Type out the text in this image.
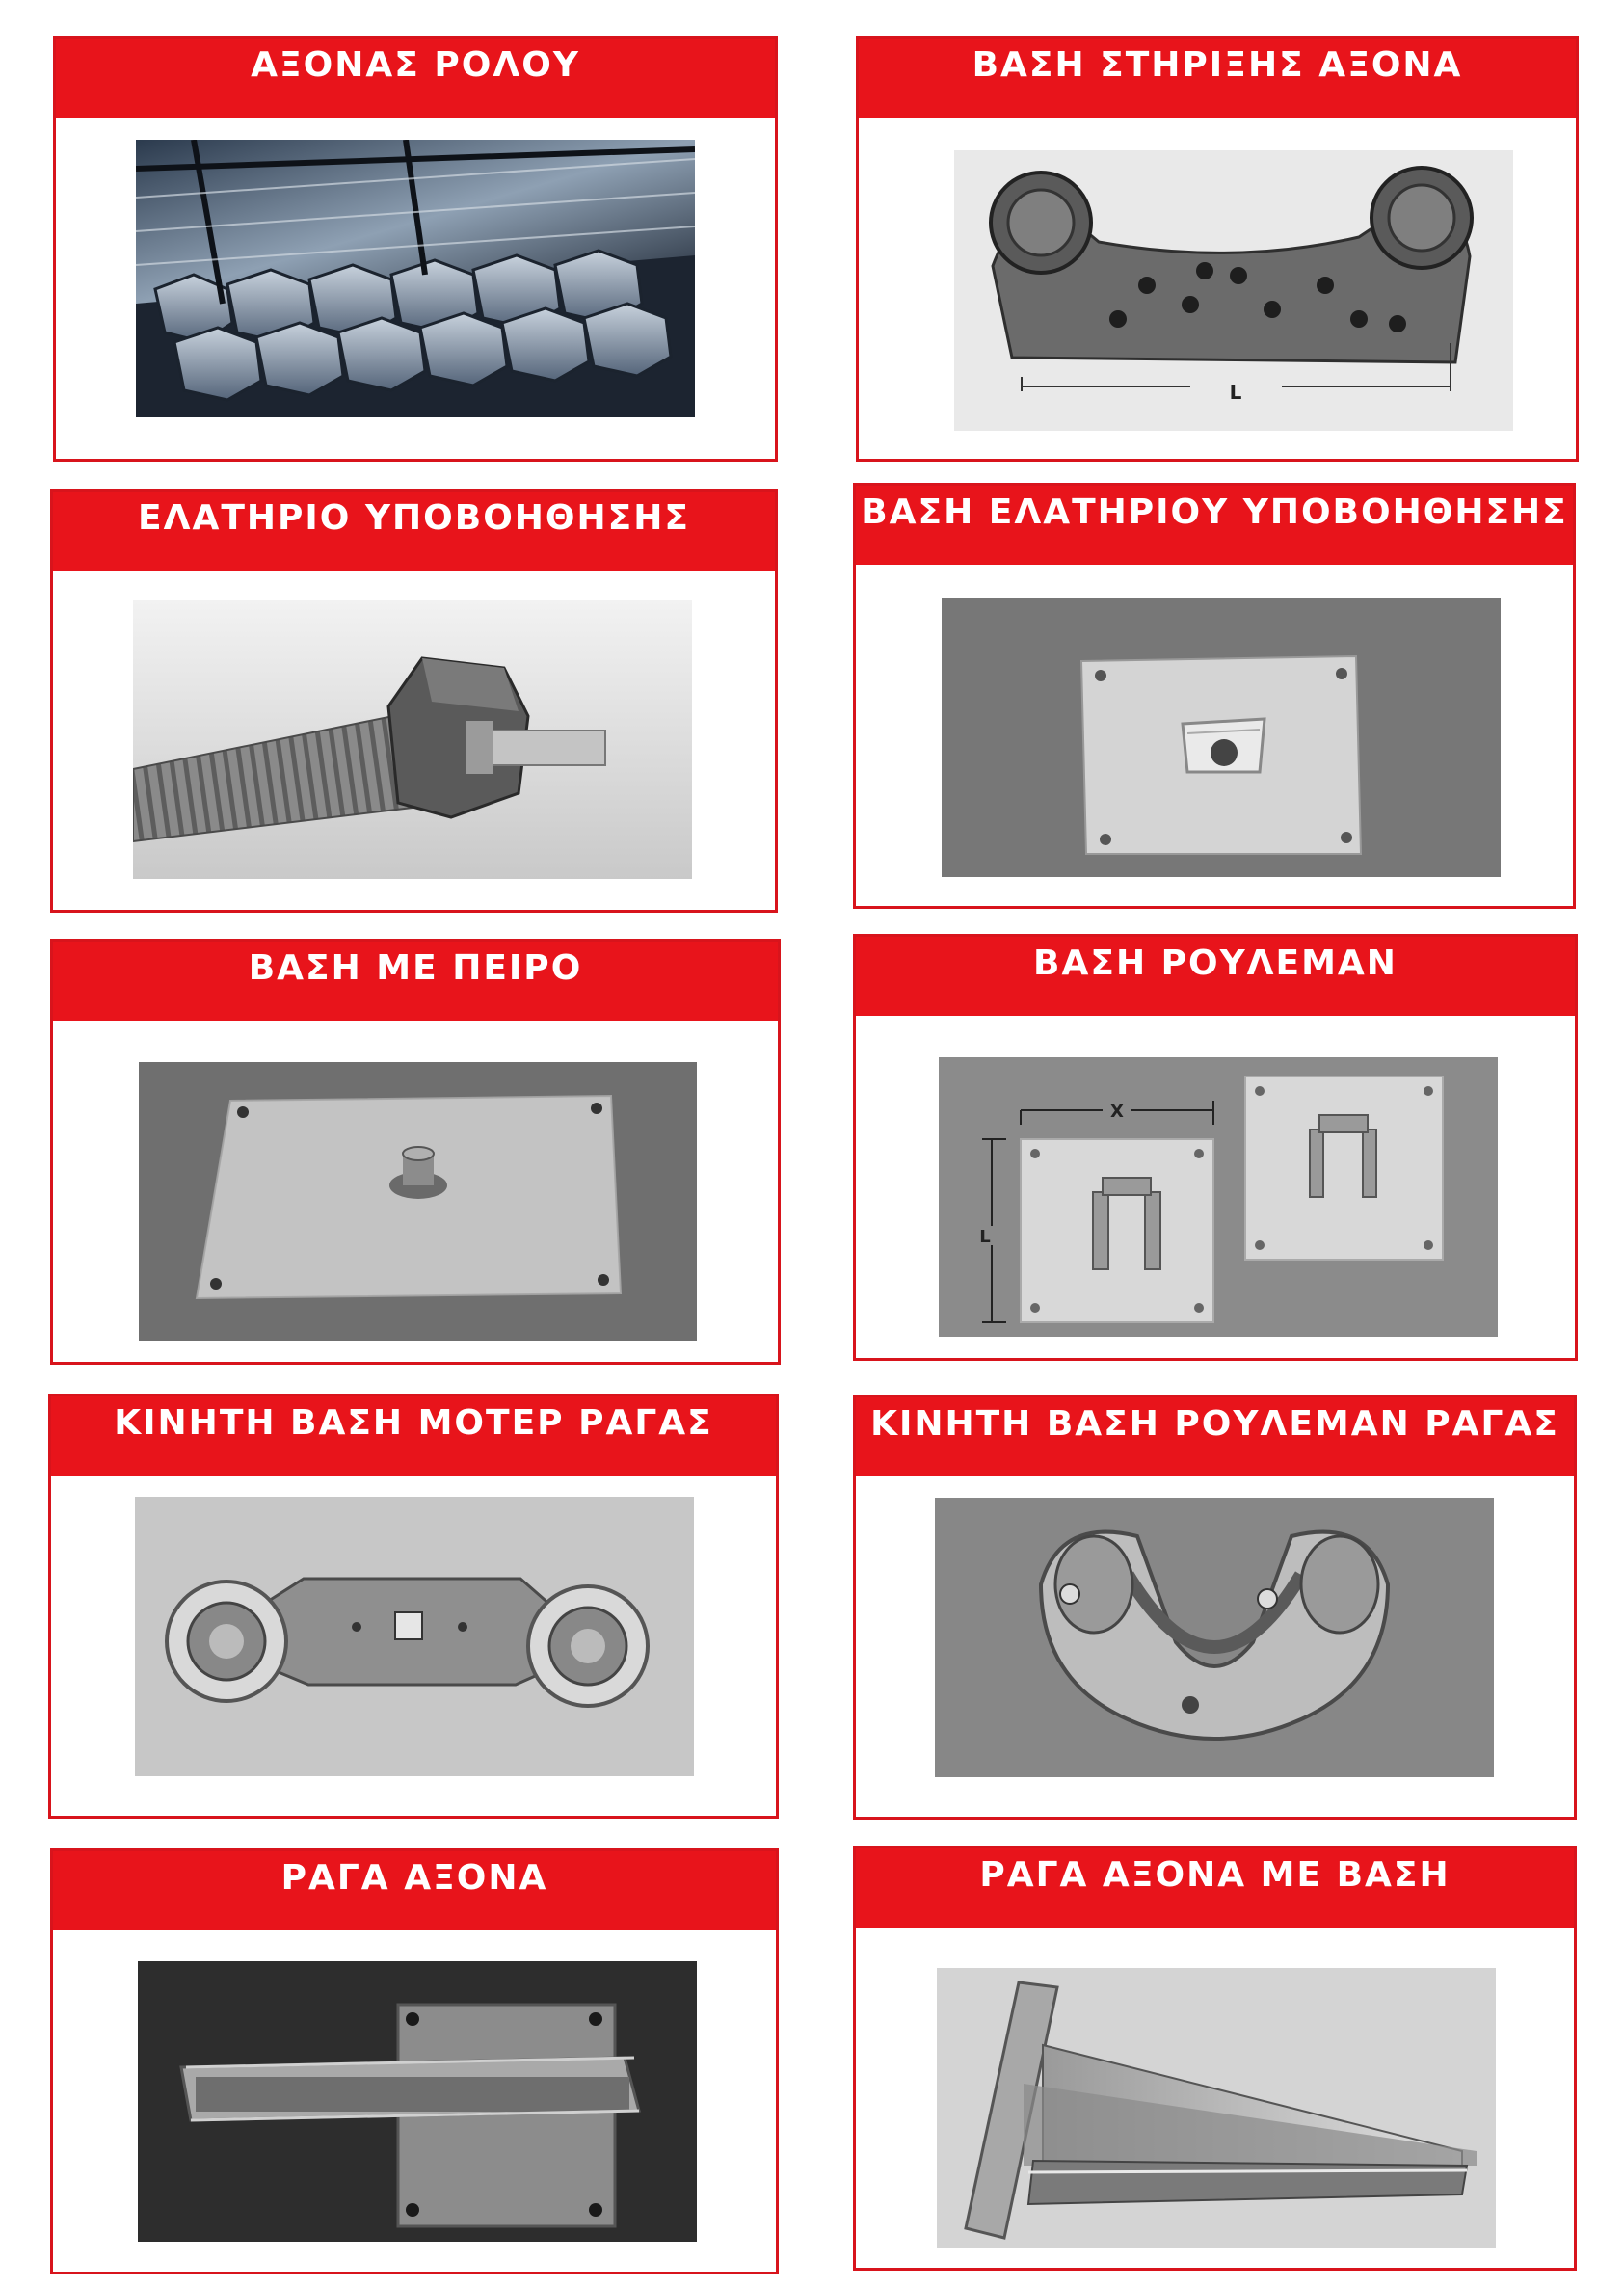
ΑΞΟΝΑΣ ΡΟΛΟΥ	ΒΑΣΗ ΣΤΗΡΙΞΗΣ ΑΞΟΝΑ
L
ΕΛΑΤΗΡΙΟ ΥΠΟΒΟΗΘΗΣΗΣ	ΒΑΣΗ ΕΛΑΤΗΡΙΟΥ ΥΠΟΒΟΗΘΗΣΗΣ
ΒΑΣΗ ΜΕ ΠΕΙΡΟ	ΒΑΣΗ ΡΟΥΛΕΜΑΝ
X
L
ΚΙΝΗΤΗ ΒΑΣΗ ΜΟΤΕΡ ΡΑΓΑΣ	ΚΙΝΗΤΗ ΒΑΣΗ ΡΟΥΛΕΜΑΝ ΡΑΓΑΣ
ΡΑΓΑ ΑΞΟΝΑ	ΡΑΓΑ ΑΞΟΝΑ ΜΕ ΒΑΣΗ
